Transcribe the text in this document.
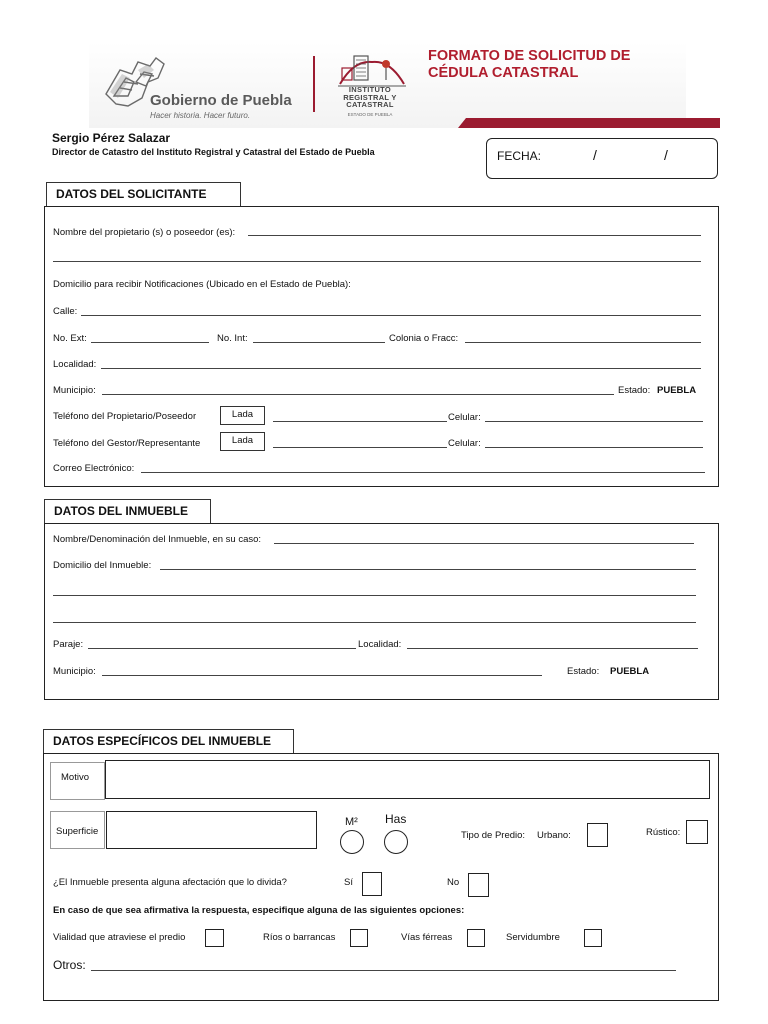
Gobierno de Puebla
Hacer historia. Hacer futuro.
INSTITUTO
REGISTRAL Y
CATASTRAL
ESTADO DE PUEBLA
FORMATO DE SOLICITUD DE
CÉDULA CATASTRAL
Sergio Pérez Salazar
Director de Catastro del Instituto Registral y Catastral del Estado de Puebla	FECHA:	/	/
DATOS DEL SOLICITANTE
Nombre del propietario (s) o poseedor (es):
Domicilio para recibir Notificaciones (Ubicado en el Estado de Puebla):
Calle:
No. Ext:	No. Int:	Colonia o Fracc:
Localidad:
Municipio:	Estado: PUEBLA
Teléfono del Propietario/Poseedor	Lada	Celular:
Teléfono del Gestor/Representante	Lada	Celular:
Correo Electrónico:
DATOS DEL INMUEBLE
Nombre/Denominación del Inmueble, en su caso:
Domicilio del Inmueble:
Paraje:	Localidad:
Municipio:	Estado: PUEBLA
DATOS ESPECÍFICOS DEL INMUEBLE
Motivo
Superficie
M² Has
Tipo de Predio: Urbano:	Rústico:
¿El Inmueble presenta alguna afectación que lo divida?	Sí	No
En caso de que sea afirmativa la respuesta, especifique alguna de las siguientes opciones:
Vialidad que atraviese el predio	Ríos o barrancas	Vías férreas	Servidumbre
Otros:
